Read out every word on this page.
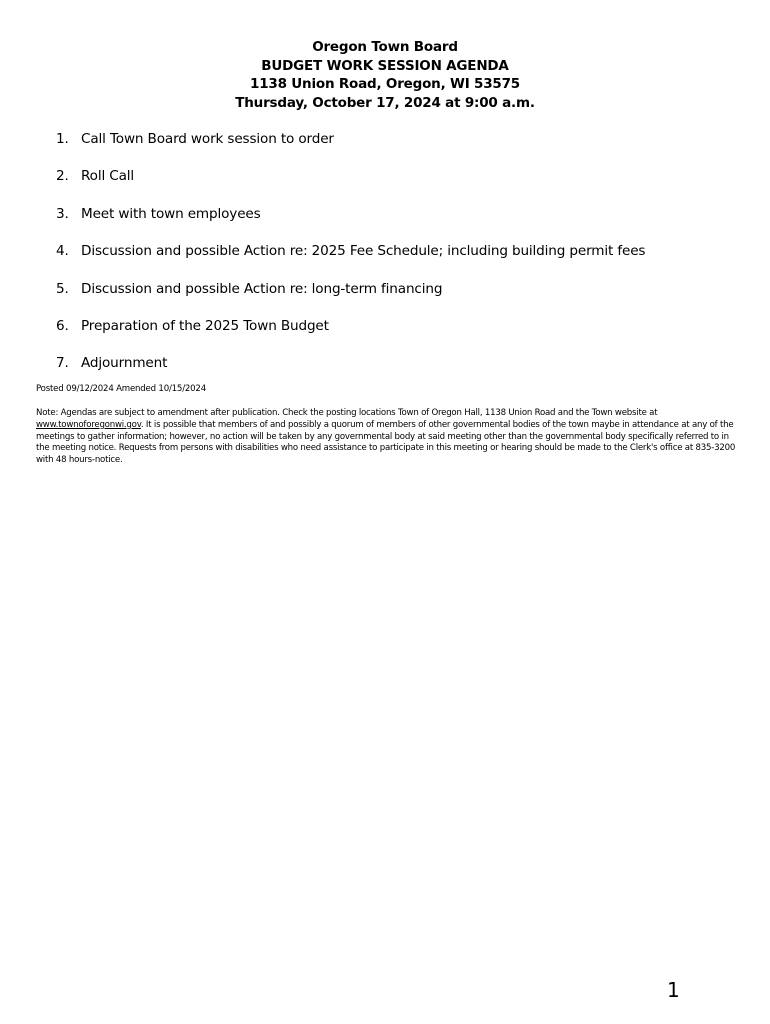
Oregon Town Board
BUDGET WORK SESSION AGENDA
1138 Union Road, Oregon, WI 53575
Thursday, October 17, 2024 at 9:00 a.m.
1. Call Town Board work session to order
2. Roll Call
3. Meet with town employees
4. Discussion and possible Action re: 2025 Fee Schedule; including building permit fees
5. Discussion and possible Action re: long-term financing
6. Preparation of the 2025 Town Budget
7. Adjournment
Posted 09/12/2024 Amended 10/15/2024
Note: Agendas are subject to amendment after publication. Check the posting locations Town of Oregon Hall, 1138 Union Road and the Town website at www.townoforegonwi.gov. It is possible that members of and possibly a quorum of members of other governmental bodies of the town maybe in attendance at any of the meetings to gather information; however, no action will be taken by any governmental body at said meeting other than the governmental body specifically referred to in the meeting notice. Requests from persons with disabilities who need assistance to participate in this meeting or hearing should be made to the Clerk's office at 835-3200 with 48 hours-notice.
1
